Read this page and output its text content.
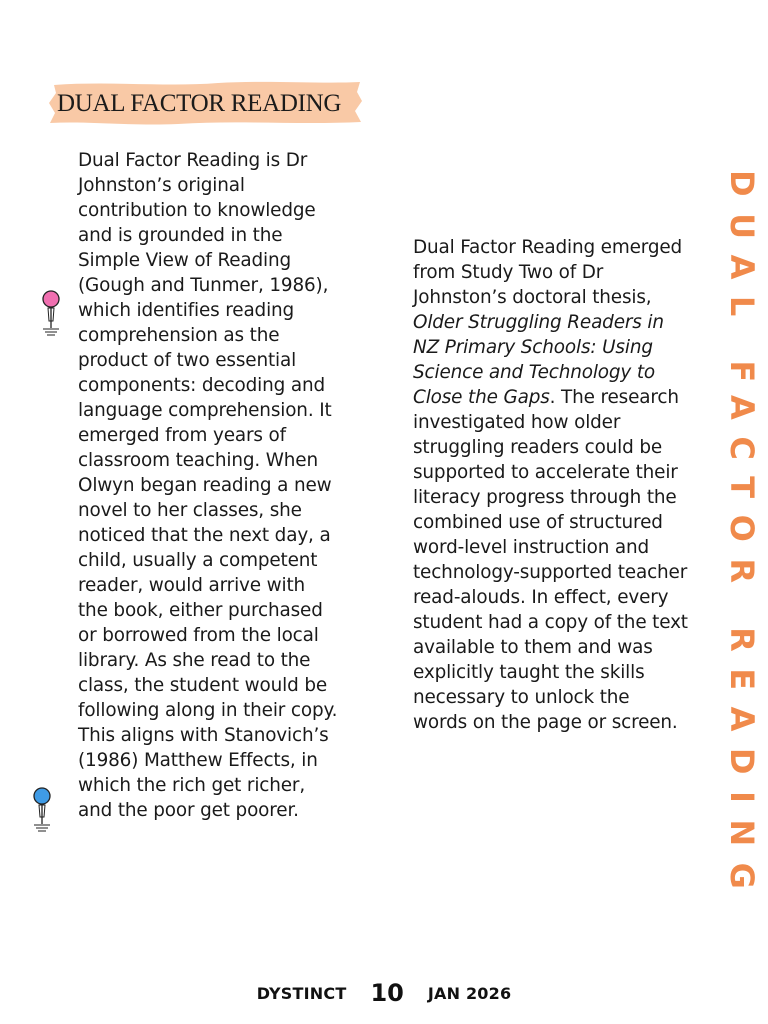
DUAL FACTOR READING

Dual Factor Reading is Dr Johnston’s original contribution to knowledge and is grounded in the Simple View of Reading (Gough and Tunmer, 1986), which identifies reading comprehension as the product of two essential components: decoding and language comprehension. It emerged from years of classroom teaching. When Olwyn began reading a new novel to her classes, she noticed that the next day, a child, usually a competent reader, would arrive with the book, either purchased or borrowed from the local library. As she read to the class, the student would be following along in their copy. This aligns with Stanovich’s (1986) Matthew Effects, in which the rich get richer, and the poor get poorer.

Dual Factor Reading emerged from Study Two of Dr Johnston’s doctoral thesis, Older Struggling Readers in NZ Primary Schools: Using Science and Technology to Close the Gaps. The research investigated how older struggling readers could be supported to accelerate their literacy progress through the combined use of structured word-level instruction and technology-supported teacher read-alouds. In effect, every student had a copy of the text available to them and was explicitly taught the skills necessary to unlock the words on the page or screen.	DUAL FACTOR READING
DYSTINCT 10 JAN 2026
